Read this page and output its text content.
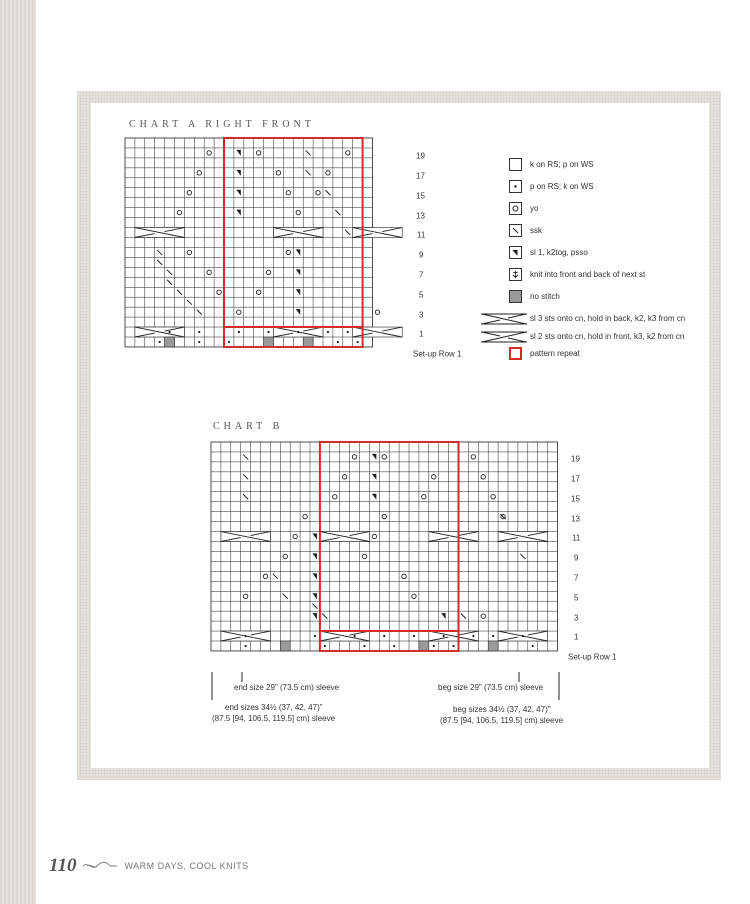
CHART A RIGHT FRONT
19
17
15
13
11
9
7
5
3
1
Set-up Row 1
k on RS; p on WS
p on RS; k on WS
yo
ssk
sl 1, k2tog, psso
knit into front and back of next st
no stitch
sl 3 sts onto cn, hold in back, k2, k3 from cn
sl 2 sts onto cn, hold in front, k3, k2 from cn
pattern repeat
CHART B
19
17
15
13
11
9
7
5
3
1
Set-up Row 1
end size 29" (73.5 cm) sleeve	beg size 29" (73.5 cm) sleeve
end sizes 34½ (37, 42, 47)"
(87.5 [94, 106.5, 119.5] cm) sleeve
beg sizes 34½ (37, 42, 47)"
(87.5 [94, 106.5, 119.5] cm) sleeve
110	WARM DAYS, COOL KNITS
